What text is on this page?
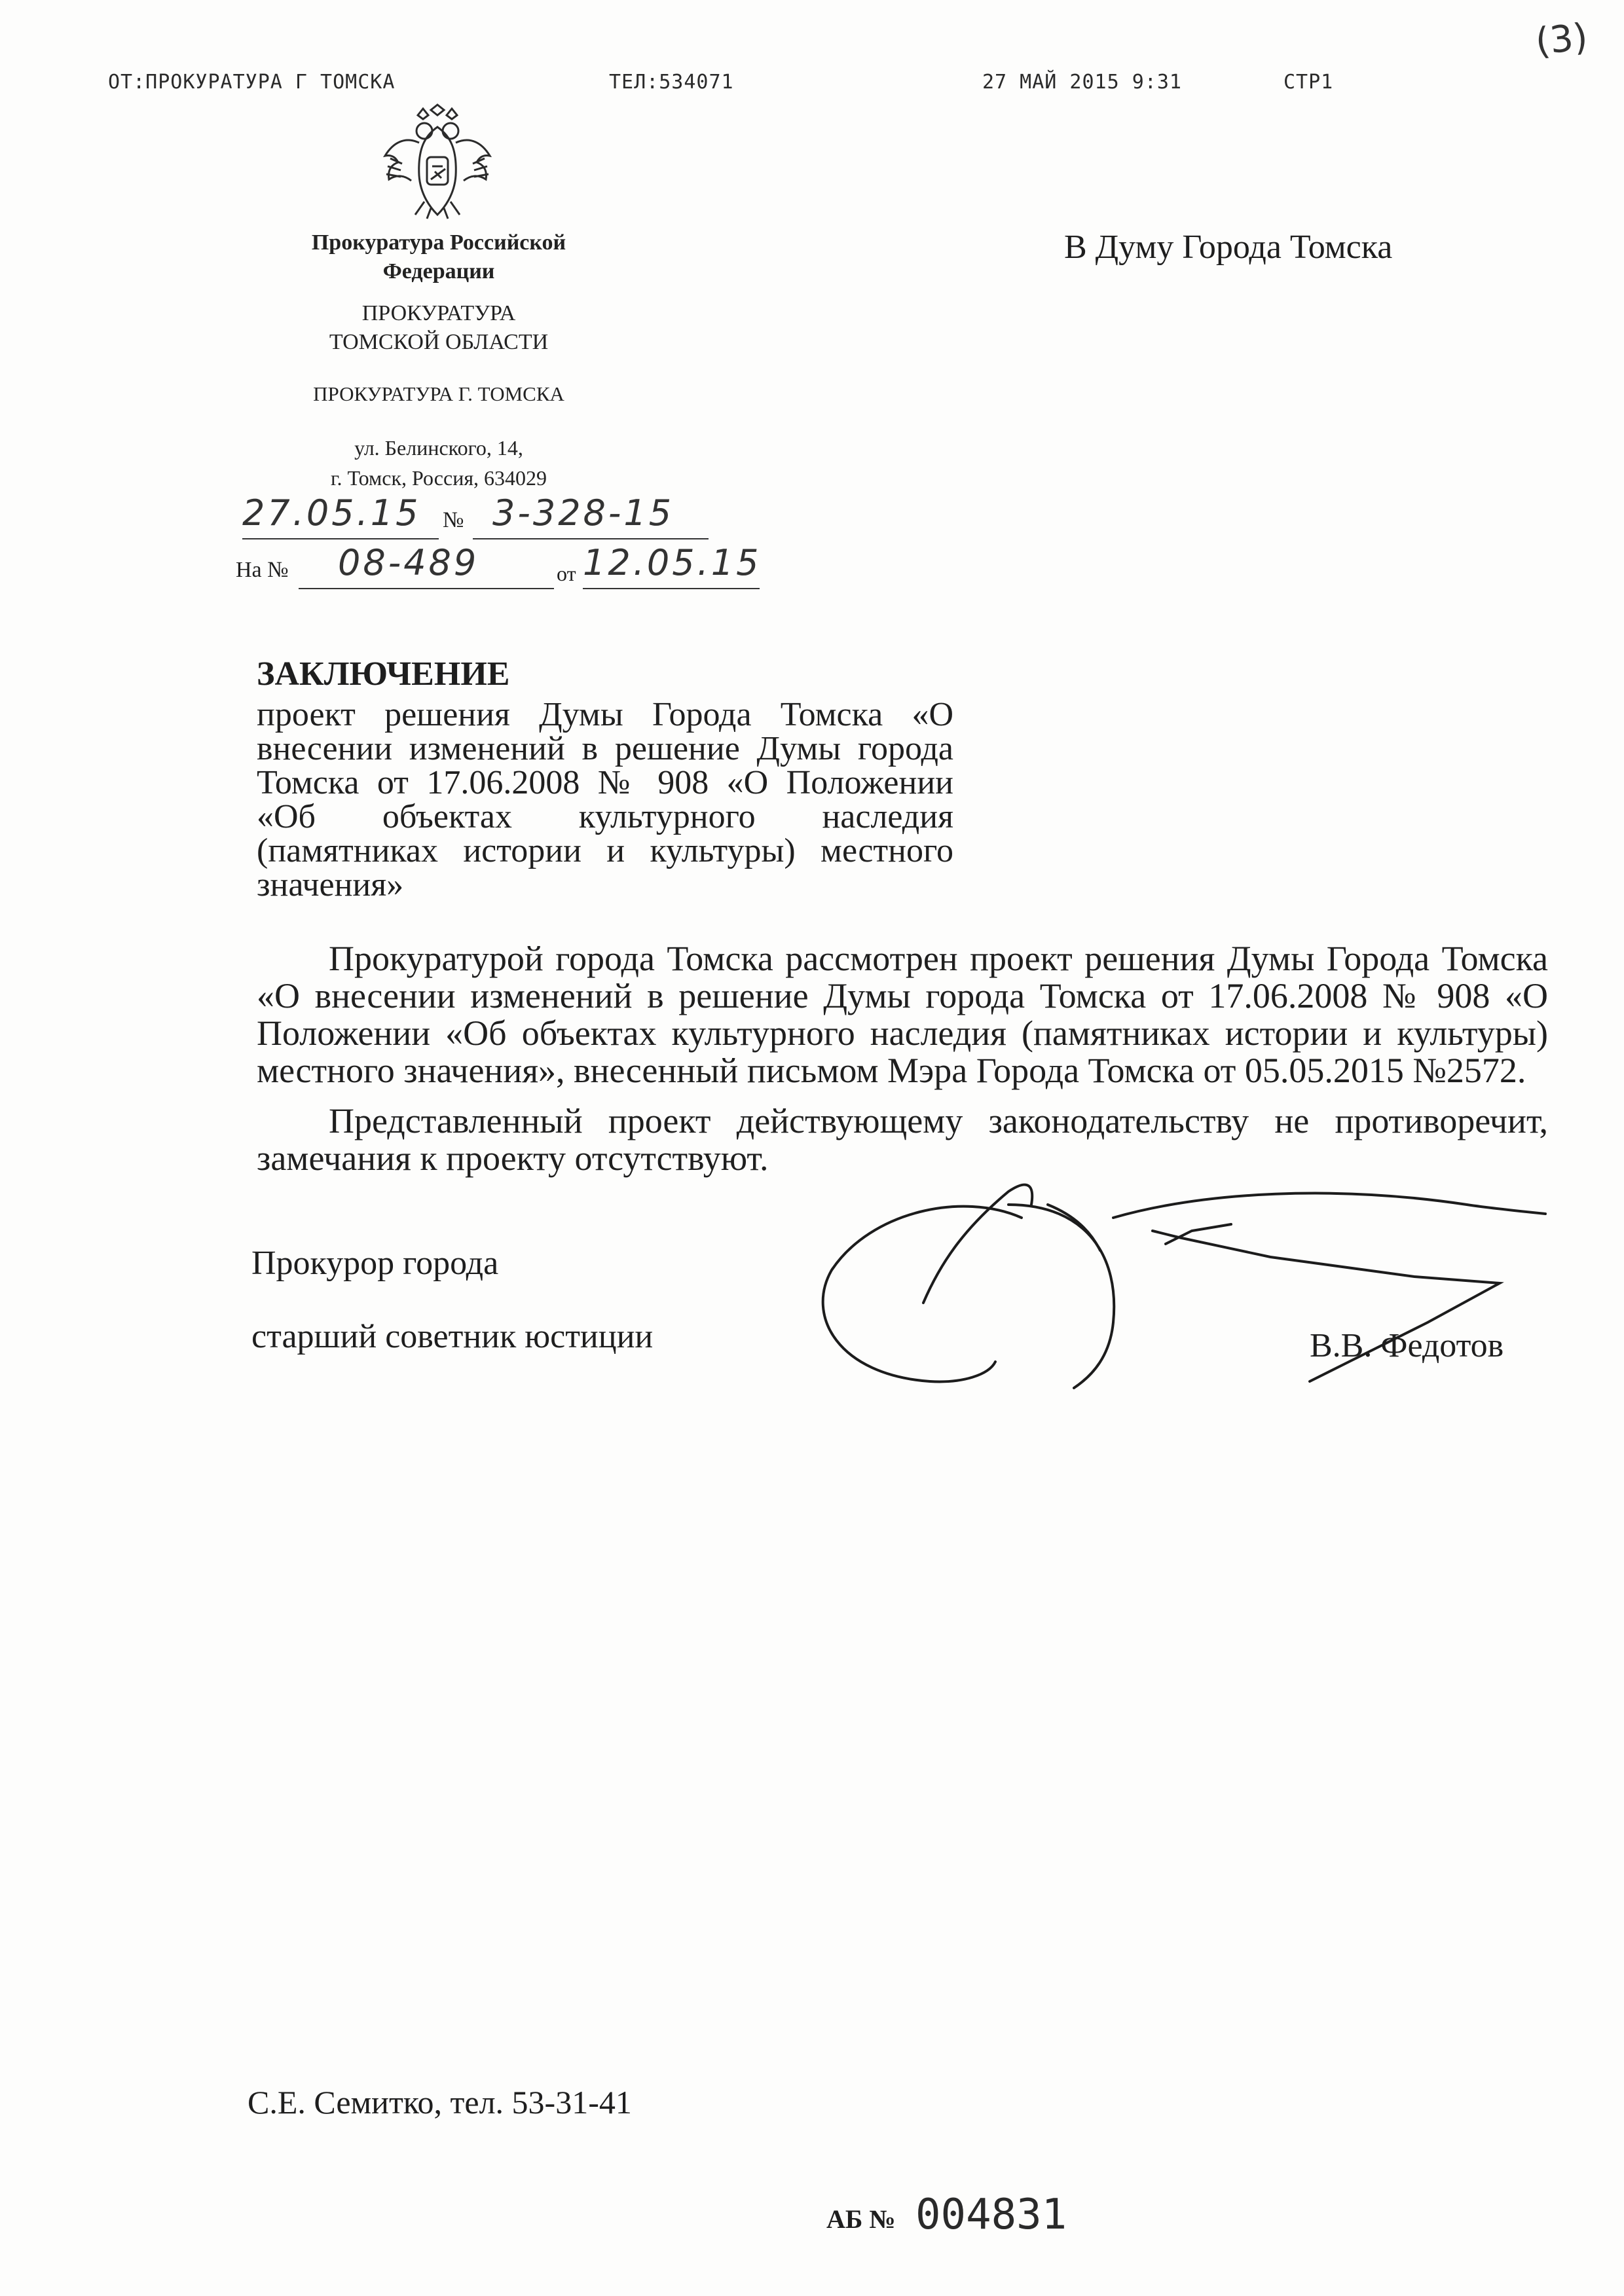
ОТ:ПРОКУРАТУРА Г ТОМСКА	ТЕЛ:534071	27 МАЙ 2015 9:31	СТР1
(3)
Прокуратура Российской
Федерации
ПРОКУРАТУРА
ТОМСКОЙ ОБЛАСТИ
ПРОКУРАТУРА Г. ТОМСКА
ул. Белинского, 14,
г. Томск, Россия, 634029
27.05.15 № 3-328-15
На №	08-489	от 12.05.15
В Думу Города Томска
ЗАКЛЮЧЕНИЕ
проект решения Думы Города Томска «О
внесении изменений в решение Думы города
Томска от 17.06.2008 № 908 «О Положении
«Об объектах культурного наследия
(памятниках истории и культуры) местного
значения»
Прокуратурой города Томска рассмотрен проект решения Думы Города Томска
«О внесении изменений в решение Думы города Томска от 17.06.2008 № 908 «О
Положении «Об объектах культурного наследия (памятниках истории и культуры)
местного значения», внесенный письмом Мэра Города Томска от 05.05.2015 №2572.
Представленный проект действующему законодательству не противоречит,
замечания к проекту отсутствуют.
Прокурор города
старший советник юстиции	В.В. Федотов
С.Е. Семитко, тел. 53-31-41
АБ № 004831
